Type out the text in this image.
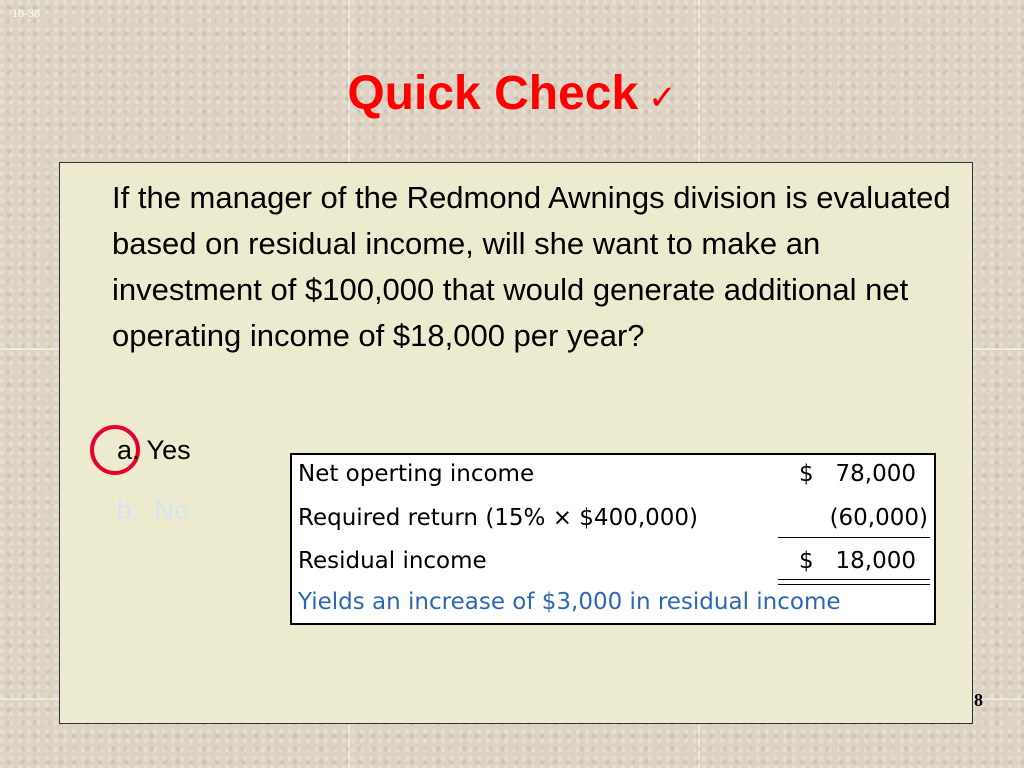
10-38
Quick Check ✓
If the manager of the Redmond Awnings division is evaluated based on residual income, will she want to make an investment of $100,000 that would generate additional net operating income of $18,000 per year?
a. Yes
b. No
Net operting income	$   78,000
Required return (15% × $400,000)	(60,000)
Residual income	$   18,000
Yields an increase of $3,000 in residual income
8
